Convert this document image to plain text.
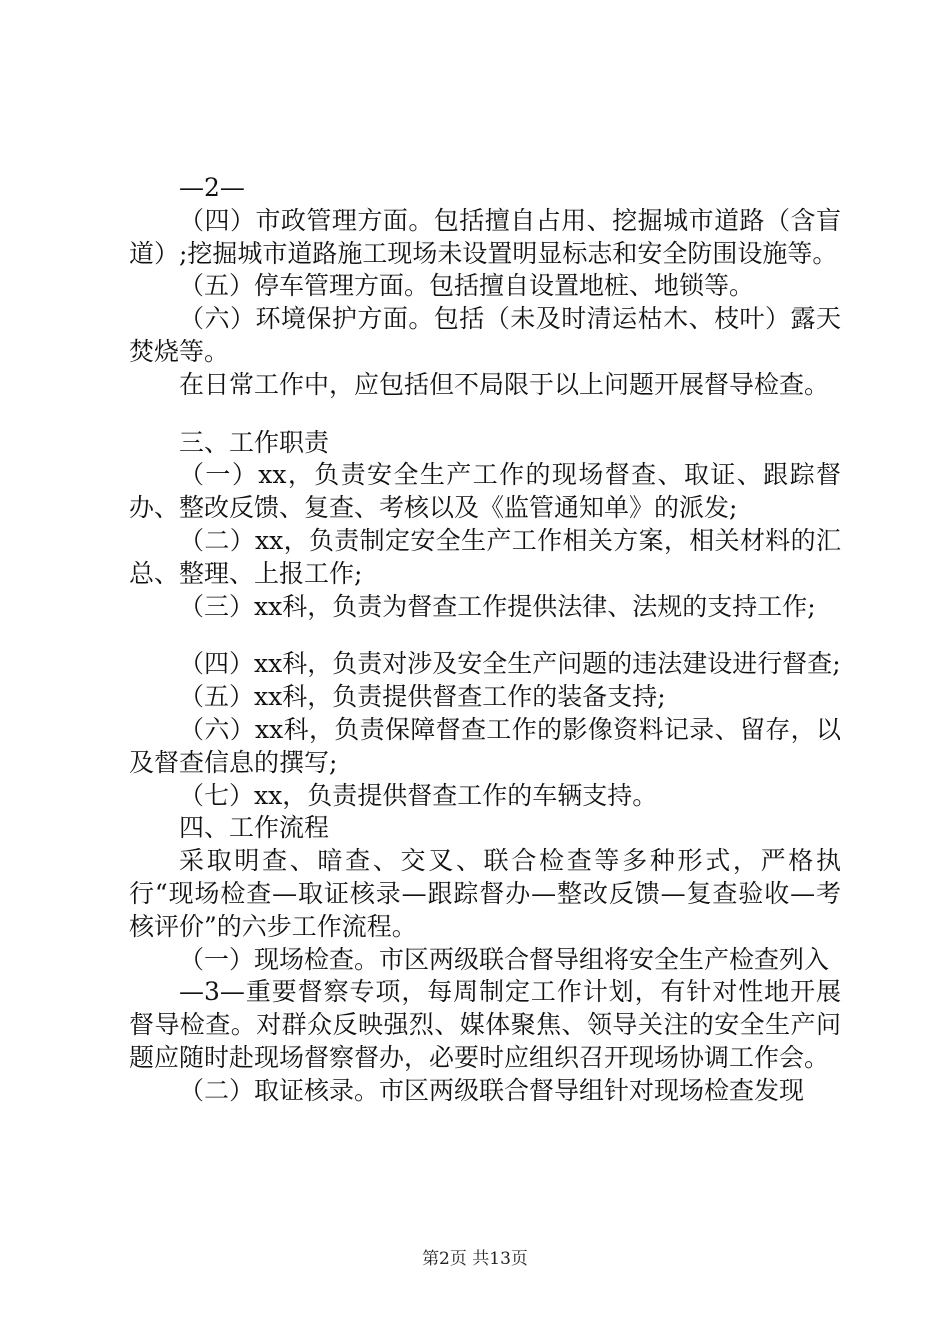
—2—

（四）市政管理方面。包括擅自占用、挖掘城市道路（含盲道）;挖掘城市道路施工现场未设置明显标志和安全防围设施等。

（五）停车管理方面。包括擅自设置地桩、地锁等。

（六）环境保护方面。包括（未及时清运枯木、枝叶）露天焚烧等。

在日常工作中，应包括但不局限于以上问题开展督导检查。

三、工作职责

（一）xx，负责安全生产工作的现场督查、取证、跟踪督办、整改反馈、复查、考核以及《监管通知单》的派发;

（二）xx，负责制定安全生产工作相关方案，相关材料的汇总、整理、上报工作;

（三）xx科，负责为督查工作提供法律、法规的支持工作;

（四）xx科，负责对涉及安全生产问题的违法建设进行督查;

（五）xx科，负责提供督查工作的装备支持;

（六）xx科，负责保障督查工作的影像资料记录、留存，以及督查信息的撰写;

（七）xx，负责提供督查工作的车辆支持。

四、工作流程

采取明查、暗查、交叉、联合检查等多种形式，严格执行“现场检查—取证核录—跟踪督办—整改反馈—复查验收—考核评价”的六步工作流程。

（一）现场检查。市区两级联合督导组将安全生产检查列入

—3—重要督察专项，每周制定工作计划，有针对性地开展督导检查。对群众反映强烈、媒体聚焦、领导关注的安全生产问题应随时赴现场督察督办，必要时应组织召开现场协调工作会。

（二）取证核录。市区两级联合督导组针对现场检查发现

第2页 共13页
